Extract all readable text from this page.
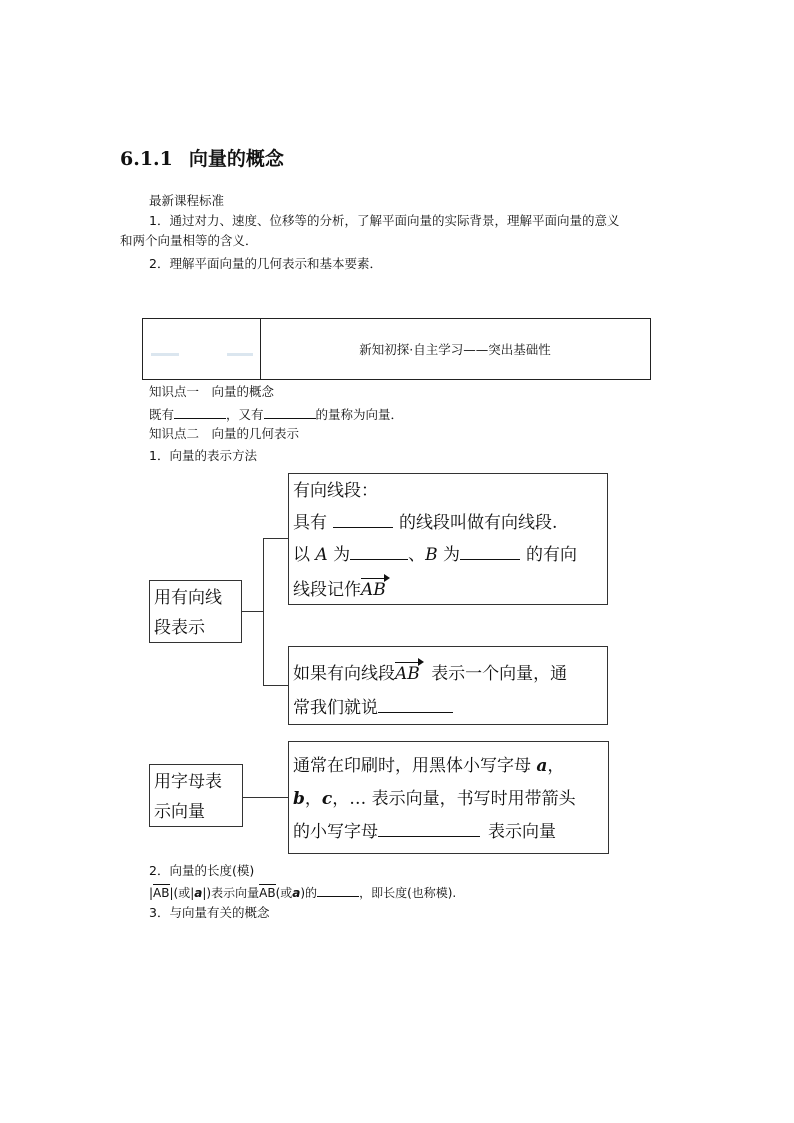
6.1.1 向量的概念
最新课程标准
1．通过对力、速度、位移等的分析，了解平面向量的实际背景，理解平面向量的意义
和两个向量相等的含义．
2．理解平面向量的几何表示和基本要素．
新知初探·自主学习——突出基础性
知识点一　向量的概念
既有	，又有	的量称为向量．
知识点二　向量的几何表示
1．向量的表示方法
用有向线
段表示
有向线段：
具有	的线段叫做有向线段.
以 A 为	、B 为	的有向
线段记作AB
如果有向线段AB 表示一个向量，通
常我们就说
用字母表
示向量
通常在印刷时，用黑体小写字母 a，
b，c，… 表示向量，书写时用带箭头
的小写字母	表示向量
2．向量的长度(模)
|AB|(或|a|)表示向量AB(或a)的	，即长度(也称模).
3．与向量有关的概念
